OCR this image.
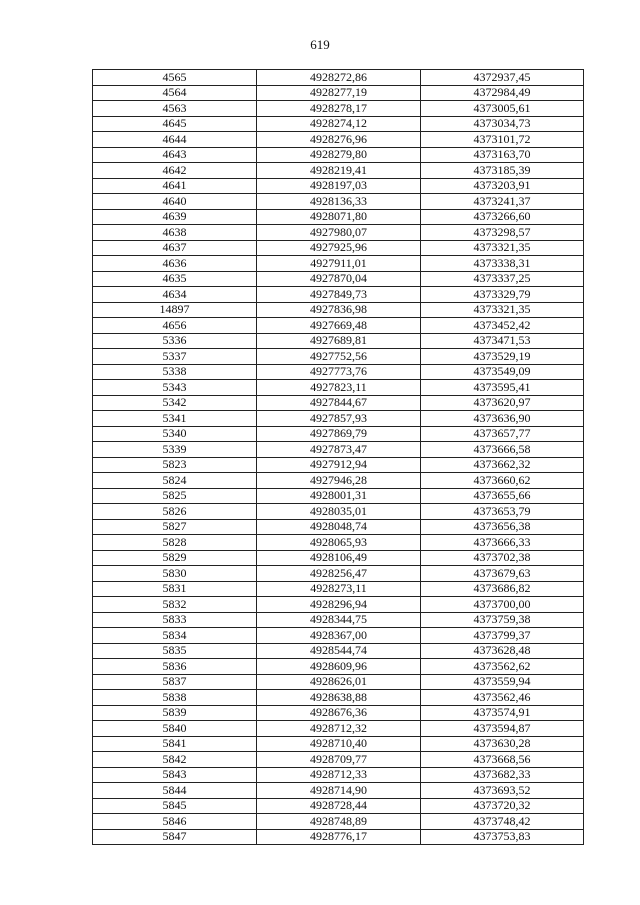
619
4565	4928272,86	4372937,45
4564	4928277,19	4372984,49
4563	4928278,17	4373005,61
4645	4928274,12	4373034,73
4644	4928276,96	4373101,72
4643	4928279,80	4373163,70
4642	4928219,41	4373185,39
4641	4928197,03	4373203,91
4640	4928136,33	4373241,37
4639	4928071,80	4373266,60
4638	4927980,07	4373298,57
4637	4927925,96	4373321,35
4636	4927911,01	4373338,31
4635	4927870,04	4373337,25
4634	4927849,73	4373329,79
14897	4927836,98	4373321,35
4656	4927669,48	4373452,42
5336	4927689,81	4373471,53
5337	4927752,56	4373529,19
5338	4927773,76	4373549,09
5343	4927823,11	4373595,41
5342	4927844,67	4373620,97
5341	4927857,93	4373636,90
5340	4927869,79	4373657,77
5339	4927873,47	4373666,58
5823	4927912,94	4373662,32
5824	4927946,28	4373660,62
5825	4928001,31	4373655,66
5826	4928035,01	4373653,79
5827	4928048,74	4373656,38
5828	4928065,93	4373666,33
5829	4928106,49	4373702,38
5830	4928256,47	4373679,63
5831	4928273,11	4373686,82
5832	4928296,94	4373700,00
5833	4928344,75	4373759,38
5834	4928367,00	4373799,37
5835	4928544,74	4373628,48
5836	4928609,96	4373562,62
5837	4928626,01	4373559,94
5838	4928638,88	4373562,46
5839	4928676,36	4373574,91
5840	4928712,32	4373594,87
5841	4928710,40	4373630,28
5842	4928709,77	4373668,56
5843	4928712,33	4373682,33
5844	4928714,90	4373693,52
5845	4928728,44	4373720,32
5846	4928748,89	4373748,42
5847	4928776,17	4373753,83
